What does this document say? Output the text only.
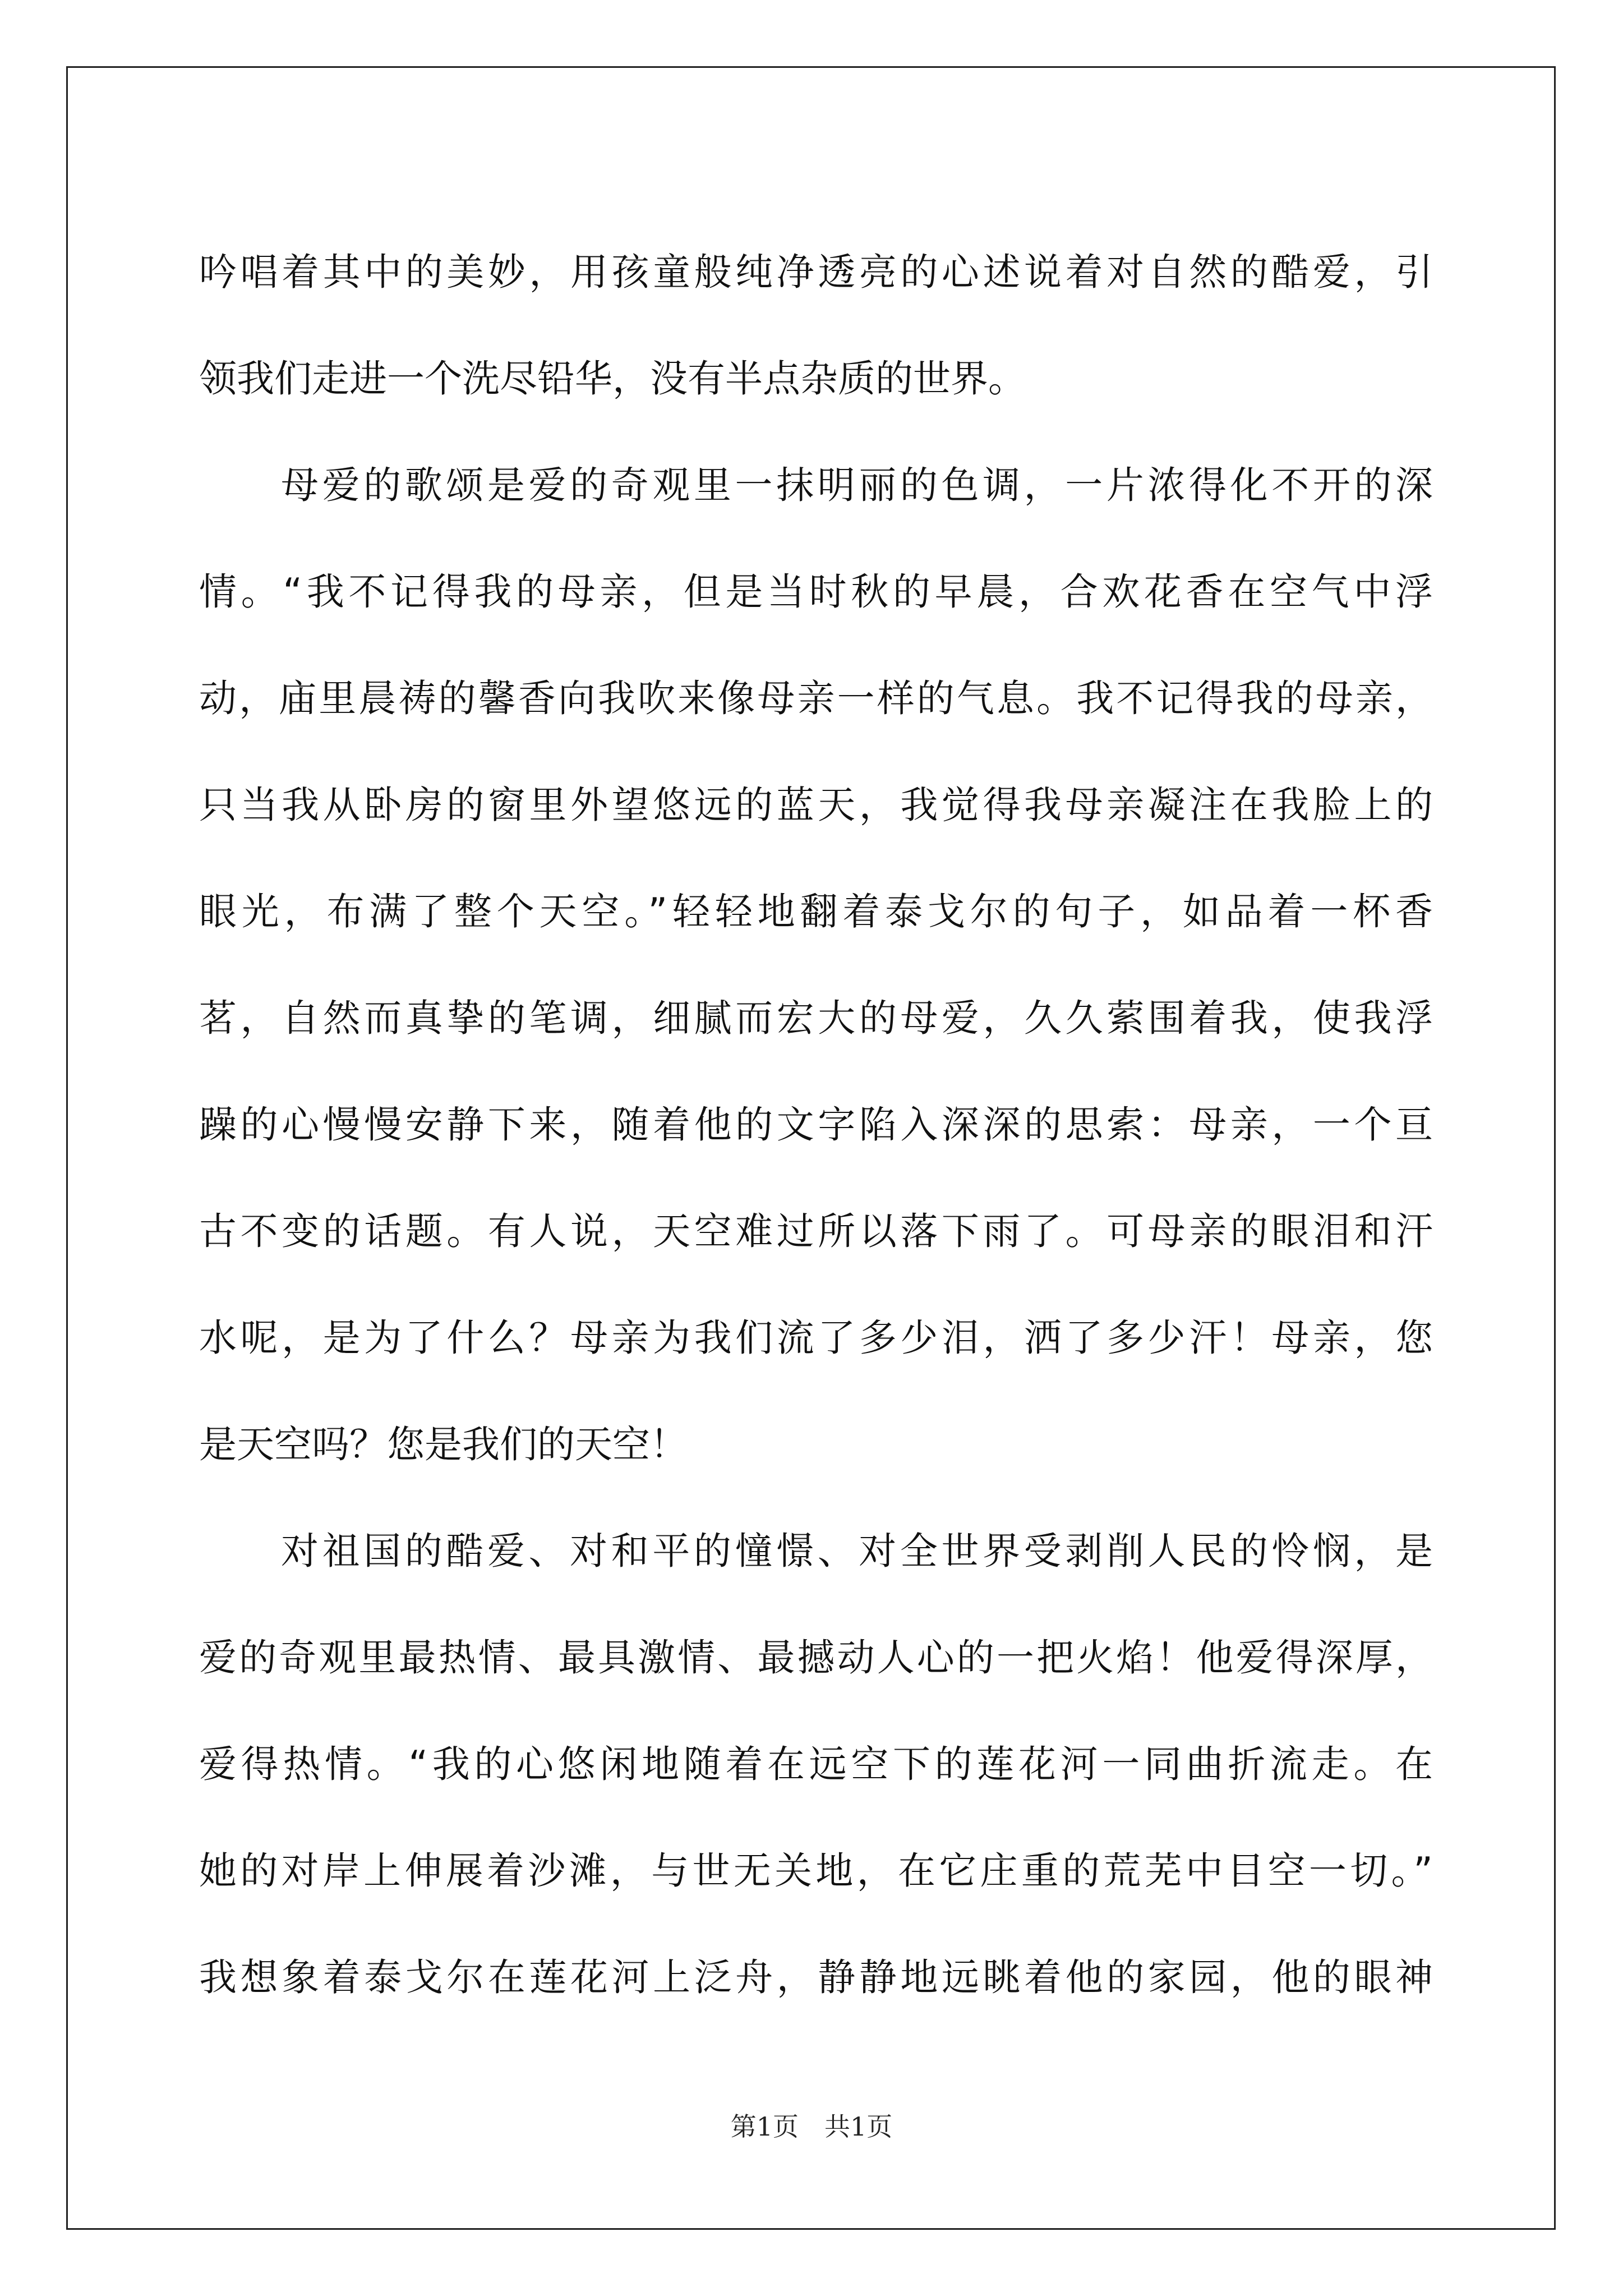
吟唱着其中的美妙，用孩童般纯净透亮的心述说着对自然的酷爱，引
领我们走进一个洗尽铅华，没有半点杂质的世界。
母爱的歌颂是爱的奇观里一抹明丽的色调，一片浓得化不开的深
情。“我不记得我的母亲，但是当时秋的早晨，合欢花香在空气中浮
动，庙里晨祷的馨香向我吹来像母亲一样的气息。我不记得我的母亲，
只当我从卧房的窗里外望悠远的蓝天，我觉得我母亲凝注在我脸上的
眼光，布满了整个天空。”轻轻地翻着泰戈尔的句子，如品着一杯香
茗，自然而真挚的笔调，细腻而宏大的母爱，久久萦围着我，使我浮
躁的心慢慢安静下来，随着他的文字陷入深深的思索：母亲，一个亘
古不变的话题。有人说，天空难过所以落下雨了。可母亲的眼泪和汗
水呢，是为了什么？母亲为我们流了多少泪，洒了多少汗！母亲，您
是天空吗？您是我们的天空！
对祖国的酷爱、对和平的憧憬、对全世界受剥削人民的怜悯，是
爱的奇观里最热情、最具激情、最撼动人心的一把火焰！他爱得深厚，
爱得热情。“我的心悠闲地随着在远空下的莲花河一同曲折流走。在
她的对岸上伸展着沙滩，与世无关地，在它庄重的荒芜中目空一切。”
我想象着泰戈尔在莲花河上泛舟，静静地远眺着他的家园，他的眼神
第1页　共1页
